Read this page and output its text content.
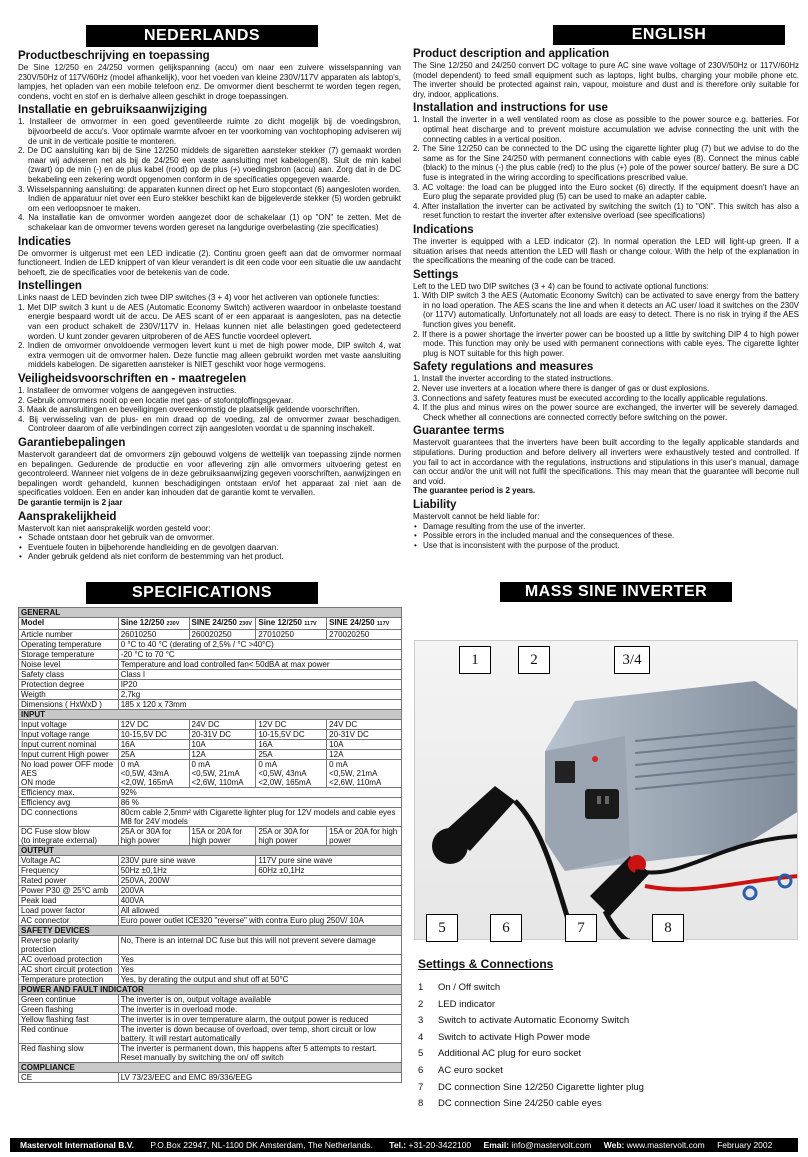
NEDERLANDS
Productbeschrijving en toepassing

De Sine 12/250 en 24/250 vormen gelijkspanning (accu) om naar een zuivere wisselspanning van 230V/50Hz of 117V/60Hz (model afhankelijk), voor het voeden van kleine 230V/117V apparaten als labtop's, lampjes, het opladen van een mobile telefoon enz. De omvormer dient beschermt te worden tegen regen, condens, vocht en stof en is derhalve alleen geschikt in droge toepassingen.

Installatie en gebruiksaanwijziging
1. Installeer de omvormer in een goed geventileerde ruimte zo dicht mogelijk bij de voedingsbron, bijvoorbeeld de accu's. Voor optimale warmte afvoer en ter voorkoming van vochtophoping adviseren wij de unit in de verticale positie te monteren.
2. De DC aansluiting kan bij de Sine 12/250 middels de sigaretten aansteker stekker (7) gemaakt worden maar wij adviseren net als bij de 24/250 een vaste aansluiting met kabelogen(8). Sluit de min kabel (zwart) op de min (-) en de plus kabel (rood) op de plus (+) voedingsbron (accu) aan. Zorg dat in de DC bekabeling een zekering wordt opgenomen conform in de specificaties opgegeven waarde.
3. Wisselspanning aansluiting: de apparaten kunnen direct op het Euro stopcontact (6) aangesloten worden. Indien de apparatuur niet over een Euro stekker beschikt kan de bijgeleverde stekker (5) worden gebruikt om een verloopsnoer te maken.
4. Na installatie kan de omvormer worden aangezet door de schakelaar (1) op "ON" te zetten. Met de schakelaar kan de omvormer tevens worden gereset na langdurige overbelasting (zie specificaties)
Indicaties

De omvormer is uitgerust met een LED indicatie (2). Continu groen geeft aan dat de omvormer normaal functioneert. Indien de LED knippert of van kleur verandert is dit een code voor een situatie die uw aandacht behoeft, zie de specificaties voor de betekenis van de code.

Instellingen

Links naast de LED bevinden zich twee DIP switches (3 + 4) voor het activeren van optionele functies:

1. Met DIP switch 3 kunt u de AES (Automatic Economy Switch) activeren waardoor in onbelaste toestand energie bespaard wordt uit de accu. De AES scant of er een apparaat is aangesloten, pas na detectie van een product schakelt de 230V/117V in. Helaas kunnen niet alle belastingen goed gedetecteerd worden. U kunt zonder gevaren uitproberen of de AES functie voordeel oplevert.
2. Indien de omvormer onvoldoende vermogen levert kunt u met de high power mode, DIP switch 4, wat extra vermogen uit de omvormer halen. Deze functie mag alleen gebruikt worden met vaste aansluiting middels kabelogen. De sigaretten aansteker is NIET geschikt voor hoge vermogens.
Veiligheidsvoorschriften en - maatregelen
1. Installeer de omvormer volgens de aangegeven instructies.
2. Gebruik omvormers nooit op een locatie met gas- of stofontploffingsgevaar.
3. Maak de aansluitingen en beveiligingen overeenkomstig de plaatselijk geldende voorschriften.
4. Bij verwisseling van de plus- en min draad op de voeding, zal de omvormer zwaar beschadigen. Controleer daarom of alle verbindingen correct zijn aangesloten voordat u de spanning inschakelt.
Garantiebepalingen

Mastervolt garandeert dat de omvormers zijn gebouwd volgens de wettelijk van toepassing zijnde normen en bepalingen. Gedurende de productie en voor aflevering zijn alle omvormers uitvoering getest en gecontroleerd. Wanneer niet volgens de in deze gebruiksaanwijzing gegeven voorschriften, aanwijzingen en bepalingen wordt gehandeld, kunnen beschadigingen ontstaan en/of het apparaat zal niet aan de specificaties voldoen. Een en ander kan inhouden dat de garantie komt te vervallen.

De garantie termijn is 2 jaar

Aansprakelijkheid

Mastervolt kan niet aansprakelijk worden gesteld voor:

• Schade ontstaan door het gebruik van de omvormer.
• Eventuele fouten in bijbehorende handleiding en de gevolgen daarvan.
• Ander gebruik geldend als niet conform de bestemming van het product.
ENGLISH
Product description and application

The Sine 12/250 and 24/250 convert DC voltage to pure AC sine wave voltage of 230V/50Hz or 117V/60Hz (model dependent) to feed small equipment such as laptops, light bulbs, charging your mobile phone etc. The inverter should be protected against rain, vapour, moisture and dust and is therefore only suitable for dry, indoor, applications.

Installation and instructions for use
1. Install the inverter in a well ventilated room as close as possible to the power source e.g. batteries. For optimal heat discharge and to prevent moisture accumulation we advise connecting the unit with the connecting cables in a vertical position.
2. The Sine 12/250 can be connected to the DC using the cigarette lighter plug (7) but we advise to do the same as for the Sine 24/250 with permanent connections with cable eyes (8). Connect the minus cable (black) to the minus (-) the plus cable (red) to the plus (+) pole of the power source/ battery. Be sure a DC fuse is integrated in the wiring according to specifications prescribed value.
3. AC voltage: the load can be plugged into the Euro socket (6) directly. If the equipment doesn't have an Euro plug the separate provided plug (5) can be used to make an adapter cable.
4. After installation the inverter can be activated by switching the switch (1) to "ON". This switch has also a reset function to restart the inverter after extensive overload (see specifications)
Indications

The inverter is equipped with a LED indicator (2). In normal operation the LED will light-up green. If a situation arises that needs attention the LED will flash or change colour. With the help of the explanation in the specifications the meaning of the code can be traced.

Settings

Left to the LED two DIP switches (3 + 4) can be found to activate optional functions:

1. With DIP switch 3 the AES (Automatic Economy Switch) can be activated to save energy from the battery in no load operation. The AES scans the line and when it detects an AC user/ load it switches on the 230V (or 117V) automatically. Unfortunately not all loads are easy to detect. There is no risk in trying if the AES function gives you benefit.
2. If there is a power shortage the inverter power can be boosted up a little by switching DIP 4 to high power mode. This function may only be used with permanent connections with cable eyes. The cigarette lighter plug is NOT suitable for this high power.
Safety regulations and measures
1. Install the inverter according to the stated instructions.
2. Never use inverters at a location where there is danger of gas or dust explosions.
3. Connections and safety features must be executed according to the locally applicable regulations.
4. If the plus and minus wires on the power source are exchanged, the inverter will be severely damaged. Check whether all connections are connected correctly before switching on the power.
Guarantee terms

Mastervolt guarantees that the inverters have been built according to the legally applicable standards and stipulations. During production and before delivery all inverters were exhaustively tested and controlled. If you fail to act in accordance with the regulations, instructions and stipulations in this user's manual, damage can occur and/or the unit will not fulfil the specifications. This may mean that the guarantee will become null and void.

The guarantee period is 2 years.

Liability

Mastervolt cannot be held liable for:

• Damage resulting from the use of the inverter.
• Possible errors in the included manual and the consequences of these.
• Use that is inconsistent with the purpose of the product.
SPECIFICATIONS
GENERAL				
Model	Sine 12/250 230V	SINE 24/250 230V	Sine 12/250 117V	SINE 24/250 117V
Article number	26010250	260020250	27010250	270020250
Operating temperature	0 °C to 40 °C (derating of 2,5% / °C >40°C)			
Storage temperature	-20 °C to 70 °C			
Noise level	Temperature and load controlled fan< 50dBA at max power			
Safety class	Class I			
Protection degree	IP20			
Weigth	2,7kg			
Dimensions ( HxWxD )	185 x 120 x 73mm			
INPUT				
Input voltage	12V DC	24V DC	12V DC	24V DC
Input voltage range	10-15,5V DC	20-31V DC	10-15,5V DC	20-31V DC
Input current nominal	16A	10A	16A	10A
Input current High power	25A	12A	25A	12A
No load power OFF mode
AES
ON mode	0 mA
<0,5W, 43mA
<2,0W, 165mA	0 mA
<0,5W, 21mA
<2,6W, 110mA	0 mA
<0,5W, 43mA
<2,0W, 165mA	0 mA
<0,5W, 21mA
<2,6W, 110mA
Efficiency max.	92%			
Efficiency avg	86 %			
DC connections	80cm cable 2,5mm² with Cigarette lighter plug for 12V models and cable eyes M8 for 24V models			
DC Fuse slow blow
(to integrate external)	25A or 30A for high power	15A or 20A for high power	25A or 30A for high power	15A or 20A for high power
OUTPUT				
Voltage AC	230V pure sine wave		117V pure sine wave	
Frequency	50Hz ±0,1Hz		60Hz ±0,1Hz	
Rated power	250VA, 200W			
Power P30 @ 25°C amb	200VA			
Peak load	400VA			
Load power factor	All allowed			
AC connector	Euro power outlet ICE320 "reverse" with contra Euro plug 250V/ 10A			
SAFETY DEVICES				
Reverse polarity protection	No, There is an internal DC fuse but this will not prevent severe damage			
AC overload protection	Yes			
AC short circuit protection	Yes			
Temperature protection	Yes, by derating the output and shut off at 50°C			
POWER AND FAULT INDICATOR				
Green continue	The inverter is on, output voltage available			
Green flashing	The inverter is in overload mode.			
Yellow flashing fast	The inverter is in over temperature alarm, the output power is reduced			
Red continue	The inverter is down because of overload, over temp, short circuit or low battery. It will restart automatically			
Red flashing slow	The inverter is permanent down, this happens after 5 attempts to restart. Reset manually by switching the on/ off switch			
COMPLIANCE				
CE	LV 73/23/EEC and EMC 89/336/EEG			
MASS SINE INVERTER
1	2	3/4
5	6	7	8
Settings & Connections
1 On / Off switch
2 LED indicator
3 Switch to activate Automatic Economy Switch
4 Switch to activate High Power mode
5 Additional AC plug for euro socket
6 AC euro socket
7 DC connection Sine 12/250 Cigarette lighter plug
8 DC connection Sine 24/250 cable eyes
Mastervolt International B.V. P.O.Box 22947, NL-1100 DK Amsterdam, The Netherlands. Tel.: +31-20-3422100 Email: info@mastervolt.com Web: www.mastervolt.com February 2002
